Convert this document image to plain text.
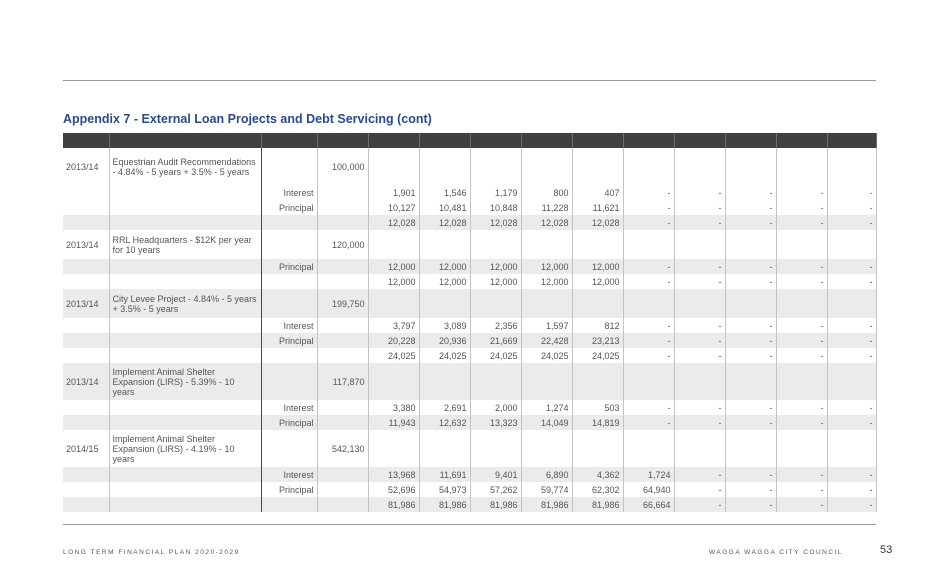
Appendix 7 - External Loan Projects and Debt Servicing (cont)

2013/14	Equestrian Audit Recommendations - 4.84% - 5 years + 3.5% - 5 years		100,000											
		Interest		1,901	1,546	1,179	800	407	-	-	-	-	-	
		Principal		10,127	10,481	10,848	11,228	11,621	-	-	-	-	-	
				12,028	12,028	12,028	12,028	12,028	-	-	-	-	-	
2013/14	RRL Headquarters - $12K per year for 10 years		120,000											
		Principal		12,000	12,000	12,000	12,000	12,000	-	-	-	-	-	
				12,000	12,000	12,000	12,000	12,000	-	-	-	-	-	
2013/14	City Levee Project - 4.84% - 5 years + 3.5% - 5 years		199,750											
		Interest		3,797	3,089	2,356	1,597	812	-	-	-	-	-	
		Principal		20,228	20,936	21,669	22,428	23,213	-	-	-	-	-	
				24,025	24,025	24,025	24,025	24,025	-	-	-	-	-	
2013/14	Implement Animal Shelter Expansion (LIRS) - 5.39% - 10 years		117,870											
		Interest		3,380	2,691	2,000	1,274	503	-	-	-	-	-	
		Principal		11,943	12,632	13,323	14,049	14,819	-	-	-	-	-	
2014/15	Implement Animal Shelter Expansion (LIRS) - 4.19% - 10 years		542,130											
		Interest		13,968	11,691	9,401	6,890	4,362	1,724	-	-	-	-	
		Principal		52,696	54,973	57,262	59,774	62,302	64,940	-	-	-	-	
				81,986	81,986	81,986	81,986	81,986	66,664	-	-	-	-	
LONG TERM FINANCIAL PLAN 2020-2029	WAGGA WAGGA CITY COUNCIL	53
